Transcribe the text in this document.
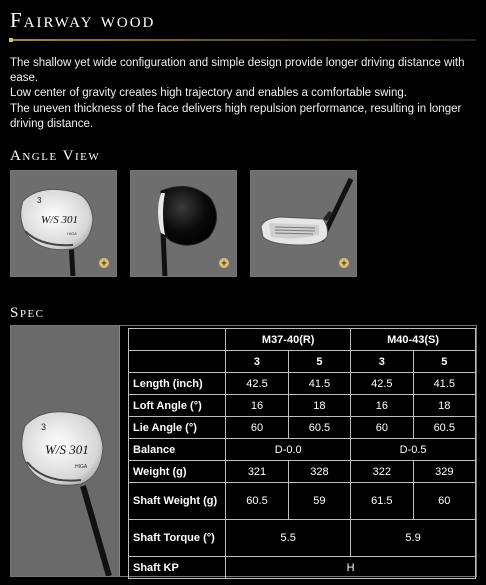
Fairway wood

The shallow yet wide configuration and simple design provide longer driving distance with ease.

Low center of gravity creates high trajectory and enables a comfortable swing.

The uneven thickness of the face delivers high repulsion performance, resulting in longer driving distance.

Angle View
3
W/S 301
HIGA
+	+	+
Spec
3
W/S 301
HIGA
	M37-40(R)		M40-43(S)	
	3	5	3	5
Length (inch)	42.5	41.5	42.5	41.5
Loft Angle (°)	16	18	16	18
Lie Angle (°)	60	60.5	60	60.5
Balance	D-0.0		D-0.5	
Weight (g)	321	328	322	329
Shaft Weight (g)	60.5	59	61.5	60
Shaft Torque (°)	5.5		5.9	
Shaft KP	H			
